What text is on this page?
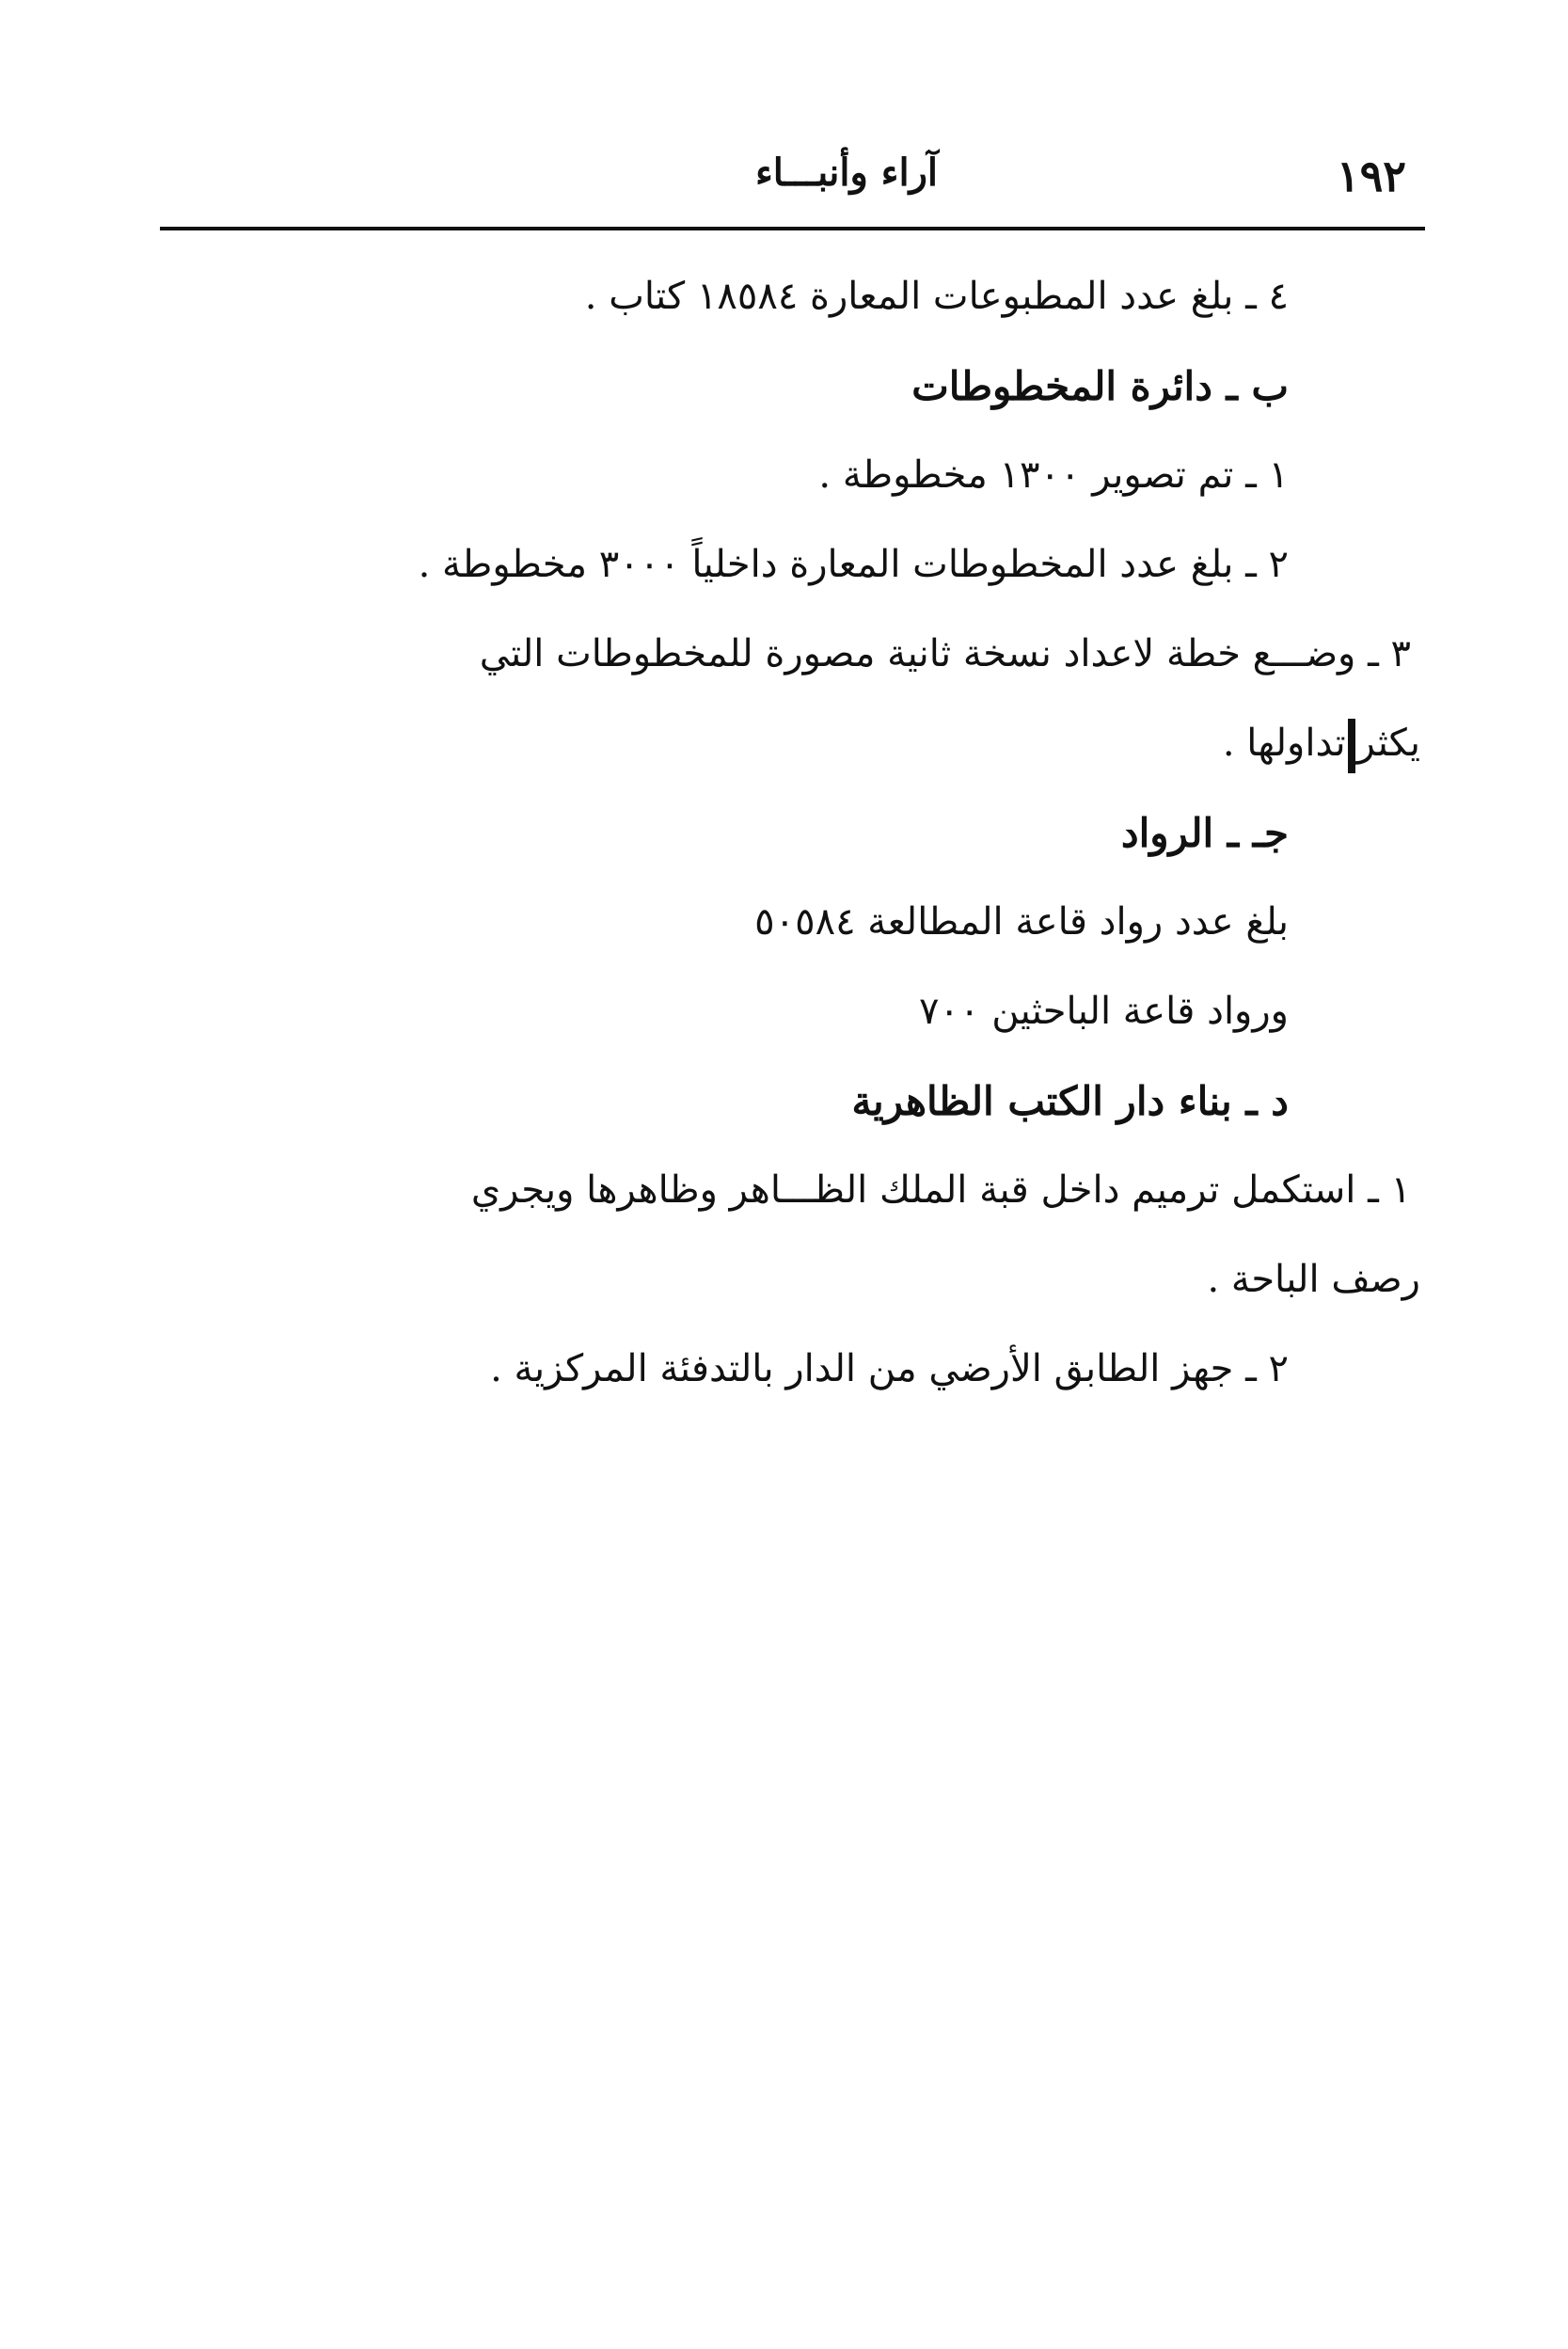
١٩٢
آراء وأنبـــاء
٤ ـ بلغ عدد المطبوعات المعارة ١٨٥٨٤ كتاب .
ب ـ دائرة المخطوطات
١ ـ تم تصوير ١٣٠٠ مخطوطة .
٢ ـ بلغ عدد المخطوطات المعارة داخلياً ٣٠٠٠ مخطوطة .
٣ ـ وضـــع خطة لاعداد نسخة ثانية مصورة للمخطوطات التي
يكثرتداولها .
جـ ـ الرواد
بلغ عدد رواد قاعة المطالعة ٥٠٥٨٤
ورواد قاعة الباحثين ٧٠٠
د ـ بناء دار الكتب الظاهرية
١ ـ استكمل ترميم داخل قبة الملك الظـــاهر وظاهرها ويجري
رصف الباحة .
٢ ـ جهز الطابق الأرضي من الدار بالتدفئة المركزية .
